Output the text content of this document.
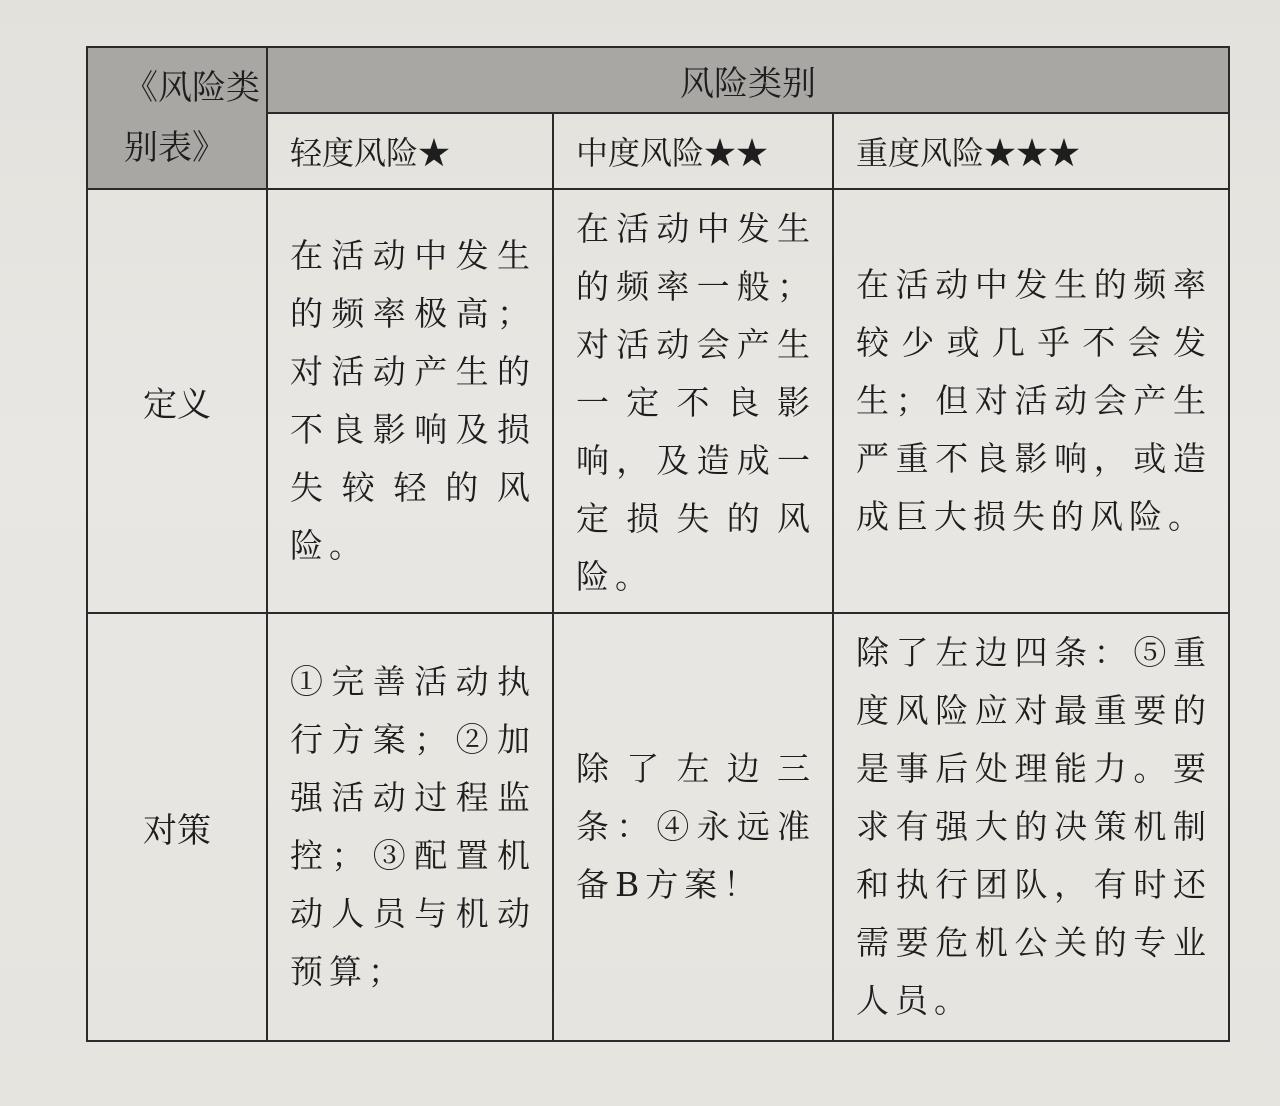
《风险类别表》	风险类别		
	轻度风险★	中度风险★★	重度风险★★★
定义	在活动中发生的频率极高；对活动产生的不良影响及损失较轻的风险。	在活动中发生的频率一般；对活动会产生一定不良影响，及造成一定损失的风险。	在活动中发生的频率较少或几乎不会发生；但对活动会产生严重不良影响，或造成巨大损失的风险。
对策	①完善活动执行方案；②加强活动过程监控；③配置机动人员与机动预算；	除了左边三条：④永远准备B方案！	除了左边四条：⑤重度风险应对最重要的是事后处理能力。要求有强大的决策机制和执行团队，有时还需要危机公关的专业人员。
